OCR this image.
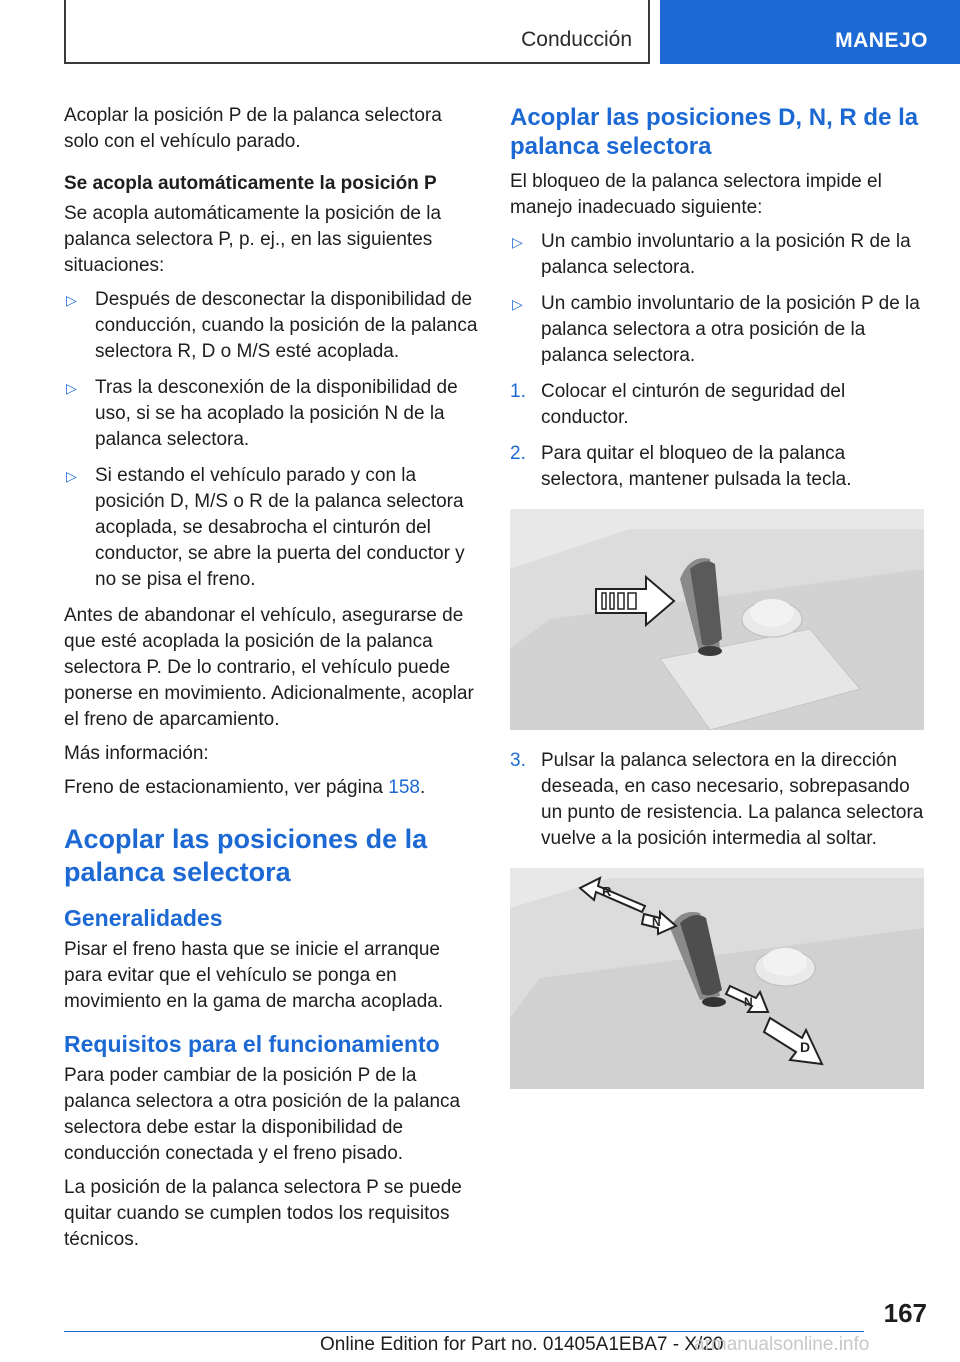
Conducción	MANEJO

Acoplar la posición P de la palanca selectora solo con el vehículo parado.

Se acopla automáticamente la posición P

Se acopla automáticamente la posición de la palanca selectora P, p. ej., en las siguientes situaciones:

▷ Después de desconectar la disponibilidad de conducción, cuando la posición de la palanca selectora R, D o M/S esté acoplada.
▷ Tras la desconexión de la disponibilidad de uso, si se ha acoplado la posición N de la palanca selectora.
▷ Si estando el vehículo parado y con la posición D, M/S o R de la palanca selectora acoplada, se desabrocha el cinturón del conductor, se abre la puerta del conductor y no se pisa el freno.

Antes de abandonar el vehículo, asegurarse de que esté acoplada la posición de la palanca selectora P. De lo contrario, el vehículo puede ponerse en movimiento. Adicionalmente, acoplar el freno de aparcamiento.

Más información:

Freno de estacionamiento, ver página 158.

Acoplar las posiciones de la palanca selectora
Generalidades

Pisar el freno hasta que se inicie el arranque para evitar que el vehículo se ponga en movimiento en la gama de marcha acoplada.

Requisitos para el funcionamiento

Para poder cambiar de la posición P de la palanca selectora a otra posición de la palanca selectora debe estar la disponibilidad de conducción conectada y el freno pisado.

La posición de la palanca selectora P se puede quitar cuando se cumplen todos los requisitos técnicos.

Acoplar las posiciones D, N, R de la palanca selectora

El bloqueo de la palanca selectora impide el manejo inadecuado siguiente:

▷ Un cambio involuntario a la posición R de la palanca selectora.
▷ Un cambio involuntario de la posición P de la palanca selectora a otra posición de la palanca selectora.
1. Colocar el cinturón de seguridad del conductor.
2. Para quitar el bloqueo de la palanca selectora, mantener pulsada la tecla.
3. Pulsar la palanca selectora en la dirección deseada, en caso necesario, sobrepasando un punto de resistencia. La palanca selectora vuelve a la posición intermedia al soltar.
R
N
N
D
167
Online Edition for Part no. 01405A1EBA7 - X/20
armanualsonline.info
